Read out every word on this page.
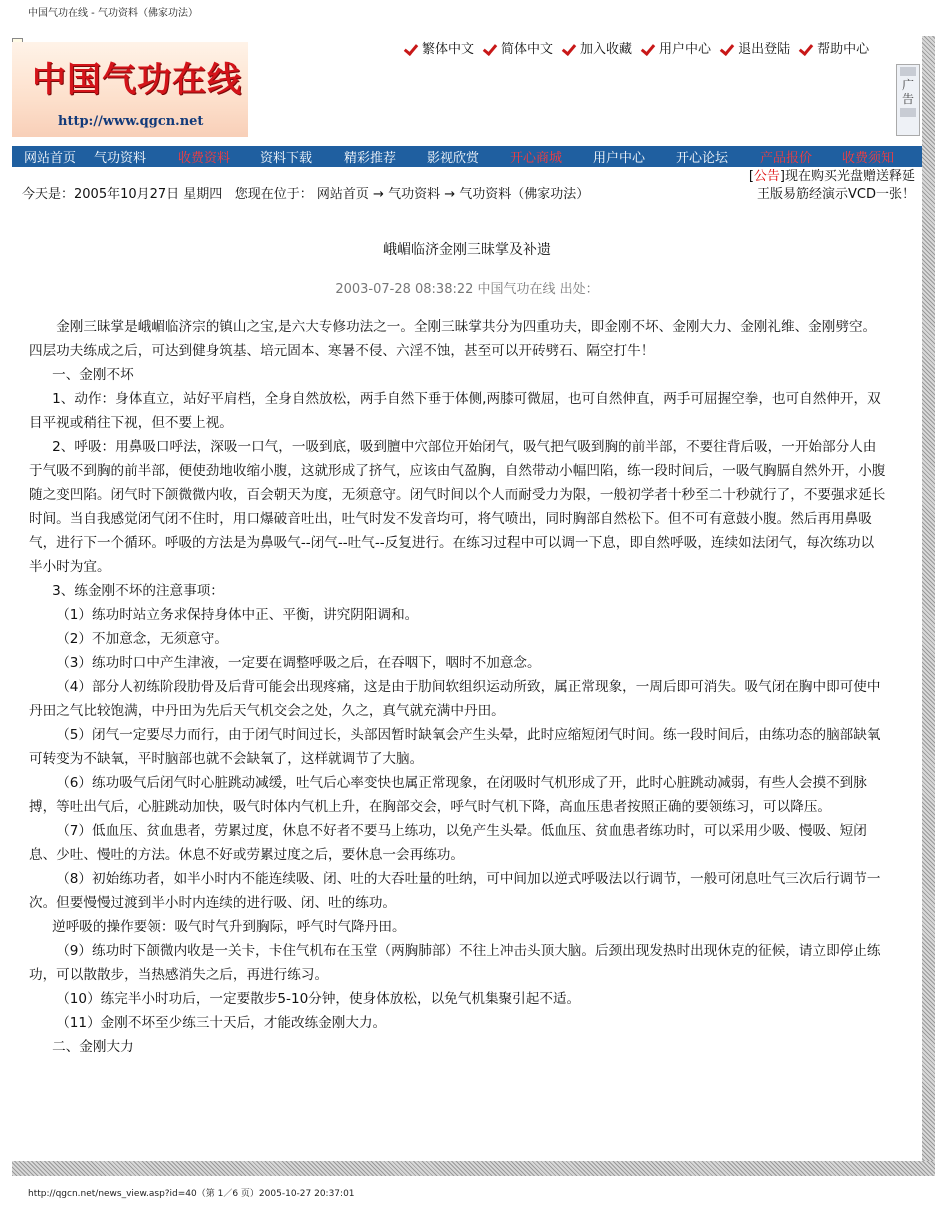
中国气功在线 - 气功资料（佛家功法）
中国气功在线
http://www.qgcn.net
繁体中文 简体中文 加入收藏 用户中心 退出登陆 帮助中心
广告
网站首页 气功资料 收费资料 资料下载 精彩推荐 影视欣赏 开心商城 用户中心 开心论坛 产品报价 收费须知
今天是：2005年10月27日 星期四 您现在位于： 网站首页 → 气功资料 → 气功资料（佛家功法）
[公告]现在购买光盘赠送释延王版易筋经演示VCD一张！
峨嵋临济金刚三昧掌及补遗
2003-07-28 08:38:22 中国气功在线 出处：

金刚三昧掌是峨嵋临济宗的镇山之宝,是六大专修功法之一。全刚三昧掌共分为四重功夫，即金刚不坏、金刚大力、金刚礼维、金刚劈空。四层功夫练成之后，可达到健身筑基、培元固本、寒暑不侵、六淫不蚀，甚至可以开砖劈石、隔空打牛！

一、金刚不坏

1、动作：身体直立，站好平肩档，全身自然放松，两手自然下垂于体侧,两膝可微屈，也可自然伸直，两手可屈握空拳，也可自然伸开，双目平视或稍往下视，但不要上视。

2、呼吸：用鼻吸口呼法，深吸一口气，一吸到底，吸到膻中穴部位开始闭气，吸气把气吸到胸的前半部，不要往背后吸，一开始部分人由于气吸不到胸的前半部，便使劲地收缩小腹，这就形成了挤气，应该由气盈胸，自然带动小幅凹陷，练一段时间后，一吸气胸膈自然外开，小腹随之变凹陷。闭气时下颌微微内收，百会朝天为度，无须意守。闭气时间以个人而耐受力为限，一般初学者十秒至二十秒就行了，不要强求延长时间。当自我感觉闭气闭不住时，用口爆破音吐出，吐气时发不发音均可，将气喷出，同时胸部自然松下。但不可有意鼓小腹。然后再用鼻吸气，进行下一个循环。呼吸的方法是为鼻吸气--闭气--吐气--反复进行。在练习过程中可以调一下息，即自然呼吸，连续如法闭气，每次练功以半小时为宜。

3、练金刚不坏的注意事项：

（1）练功时站立务求保持身体中正、平衡，讲究阴阳调和。

（2）不加意念，无须意守。

（3）练功时口中产生津液，一定要在调整呼吸之后，在吞咽下，咽时不加意念。

（4）部分人初练阶段肋骨及后背可能会出现疼痛，这是由于肋间软组织运动所致，属正常现象，一周后即可消失。吸气闭在胸中即可使中丹田之气比较饱满，中丹田为先后天气机交会之处，久之，真气就充满中丹田。

（5）闭气一定要尽力而行，由于闭气时间过长，头部因暂时缺氧会产生头晕，此时应缩短闭气时间。练一段时间后，由练功态的脑部缺氧可转变为不缺氧，平时脑部也就不会缺氧了，这样就调节了大脑。

（6）练功吸气后闭气时心脏跳动减缓，吐气后心率变快也属正常现象，在闭吸时气机形成了开，此时心脏跳动减弱，有些人会摸不到脉搏，等吐出气后，心脏跳动加快，吸气时体内气机上升，在胸部交会，呼气时气机下降，高血压患者按照正确的要领练习，可以降压。

（7）低血压、贫血患者，劳累过度，休息不好者不要马上练功，以免产生头晕。低血压、贫血患者练功时，可以采用少吸、慢吸、短闭息、少吐、慢吐的方法。休息不好或劳累过度之后，要休息一会再练功。

（8）初始练功者，如半小时内不能连续吸、闭、吐的大吞吐量的吐纳，可中间加以逆式呼吸法以行调节，一般可闭息吐气三次后行调节一次。但要慢慢过渡到半小时内连续的进行吸、闭、吐的练功。

逆呼吸的操作要领：吸气时气升到胸际，呼气时气降丹田。

（9）练功时下颌微内收是一关卡，卡住气机布在玉堂（两胸肺部）不往上冲击头顶大脑。后颈出现发热时出现休克的征候，请立即停止练功，可以散散步，当热感消失之后，再进行练习。

（10）练完半小时功后，一定要散步5-10分钟，使身体放松，以免气机集聚引起不适。

（11）金刚不坏至少练三十天后，才能改练金刚大力。

二、金刚大力

http://qgcn.net/news_view.asp?id=40（第 1／6 页）2005-10-27 20:37:01
